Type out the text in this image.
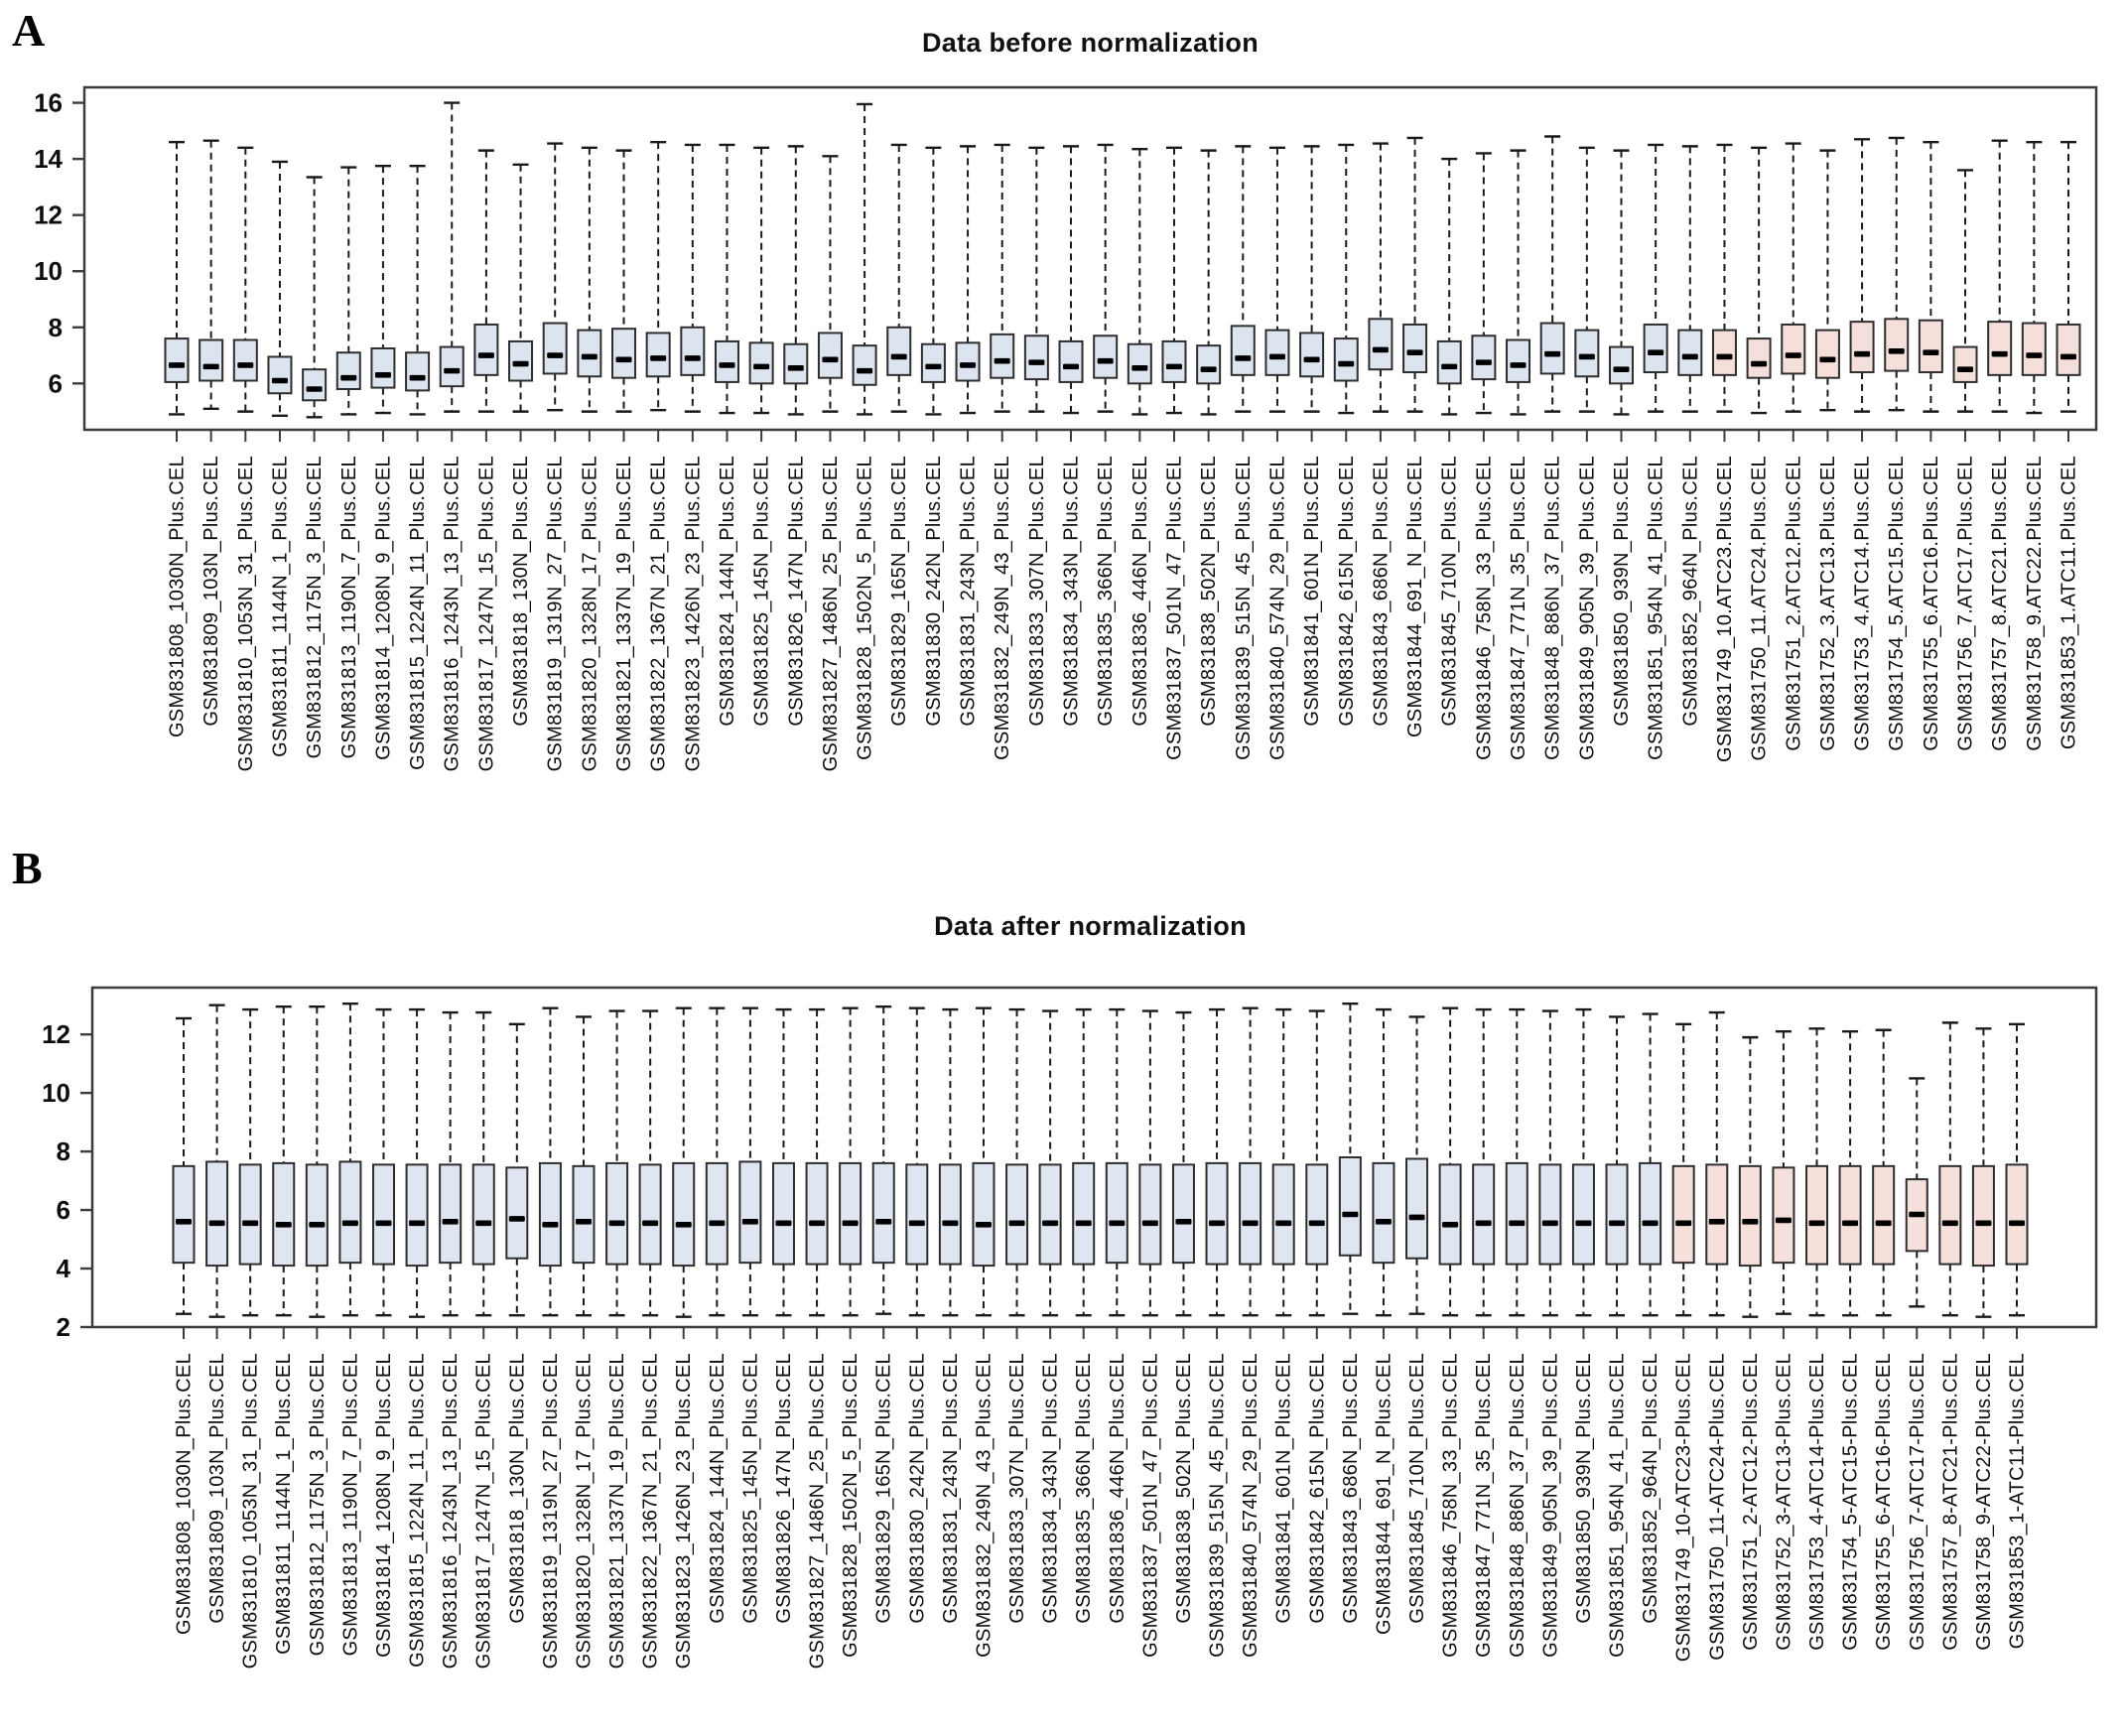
A	Data before normalization
B
Data after normalization
6
8
10
12
14
16
GSM831808_1030N_Plus.CEL GSM831809_103N_Plus.CEL GSM831810_1053N_31_Plus.CEL GSM831811_1144N_1_Plus.CEL GSM831812_1175N_3_Plus.CEL GSM831813_1190N_7_Plus.CEL GSM831814_1208N_9_Plus.CEL GSM831815_1224N_11_Plus.CEL GSM831816_1243N_13_Plus.CEL GSM831817_1247N_15_Plus.CEL GSM831818_130N_Plus.CEL GSM831819_1319N_27_Plus.CEL GSM831820_1328N_17_Plus.CEL GSM831821_1337N_19_Plus.CEL GSM831822_1367N_21_Plus.CEL GSM831823_1426N_23_Plus.CEL GSM831824_144N_Plus.CEL GSM831825_145N_Plus.CEL GSM831826_147N_Plus.CEL GSM831827_1486N_25_Plus.CEL GSM831828_1502N_5_Plus.CEL GSM831829_165N_Plus.CEL GSM831830_242N_Plus.CEL GSM831831_243N_Plus.CEL GSM831832_249N_43_Plus.CEL GSM831833_307N_Plus.CEL GSM831834_343N_Plus.CEL GSM831835_366N_Plus.CEL GSM831836_446N_Plus.CEL GSM831837_501N_47_Plus.CEL GSM831838_502N_Plus.CEL GSM831839_515N_45_Plus.CEL GSM831840_574N_29_Plus.CEL GSM831841_601N_Plus.CEL GSM831842_615N_Plus.CEL GSM831843_686N_Plus.CEL GSM831844_691_N_Plus.CEL GSM831845_710N_Plus.CEL GSM831846_758N_33_Plus.CEL GSM831847_771N_35_Plus.CEL GSM831848_886N_37_Plus.CEL GSM831849_905N_39_Plus.CEL GSM831850_939N_Plus.CEL GSM831851_954N_41_Plus.CEL GSM831852_964N_Plus.CEL GSM831749_10.ATC23.Plus.CEL GSM831750_11.ATC24.Plus.CEL GSM831751_2.ATC12.Plus.CEL GSM831752_3.ATC13.Plus.CEL GSM831753_4.ATC14.Plus.CEL GSM831754_5.ATC15.Plus.CEL GSM831755_6.ATC16.Plus.CEL GSM831756_7.ATC17.Plus.CEL GSM831757_8.ATC21.Plus.CEL GSM831758_9.ATC22.Plus.CEL GSM831853_1.ATC11.Plus.CEL
2
4
6
8
10
12
GSM831808_1030N_Plus.CEL GSM831809_103N_Plus.CEL GSM831810_1053N_31_Plus.CEL GSM831811_1144N_1_Plus.CEL GSM831812_1175N_3_Plus.CEL GSM831813_1190N_7_Plus.CEL GSM831814_1208N_9_Plus.CEL GSM831815_1224N_11_Plus.CEL GSM831816_1243N_13_Plus.CEL GSM831817_1247N_15_Plus.CEL GSM831818_130N_Plus.CEL GSM831819_1319N_27_Plus.CEL GSM831820_1328N_17_Plus.CEL GSM831821_1337N_19_Plus.CEL GSM831822_1367N_21_Plus.CEL GSM831823_1426N_23_Plus.CEL GSM831824_144N_Plus.CEL GSM831825_145N_Plus.CEL GSM831826_147N_Plus.CEL GSM831827_1486N_25_Plus.CEL GSM831828_1502N_5_Plus.CEL GSM831829_165N_Plus.CEL GSM831830_242N_Plus.CEL GSM831831_243N_Plus.CEL GSM831832_249N_43_Plus.CEL GSM831833_307N_Plus.CEL GSM831834_343N_Plus.CEL GSM831835_366N_Plus.CEL GSM831836_446N_Plus.CEL GSM831837_501N_47_Plus.CEL GSM831838_502N_Plus.CEL GSM831839_515N_45_Plus.CEL GSM831840_574N_29_Plus.CEL GSM831841_601N_Plus.CEL GSM831842_615N_Plus.CEL GSM831843_686N_Plus.CEL GSM831844_691_N_Plus.CEL GSM831845_710N_Plus.CEL GSM831846_758N_33_Plus.CEL GSM831847_771N_35_Plus.CEL GSM831848_886N_37_Plus.CEL GSM831849_905N_39_Plus.CEL GSM831850_939N_Plus.CEL GSM831851_954N_41_Plus.CEL GSM831852_964N_Plus.CEL GSM831749_10-ATC23-Plus.CEL GSM831750_11-ATC24-Plus.CEL GSM831751_2-ATC12-Plus.CEL GSM831752_3-ATC13-Plus.CEL GSM831753_4-ATC14-Plus.CEL GSM831754_5-ATC15-Plus.CEL GSM831755_6-ATC16-Plus.CEL GSM831756_7-ATC17-Plus.CEL GSM831757_8-ATC21-Plus.CEL GSM831758_9-ATC22-Plus.CEL GSM831853_1-ATC11-Plus.CEL
